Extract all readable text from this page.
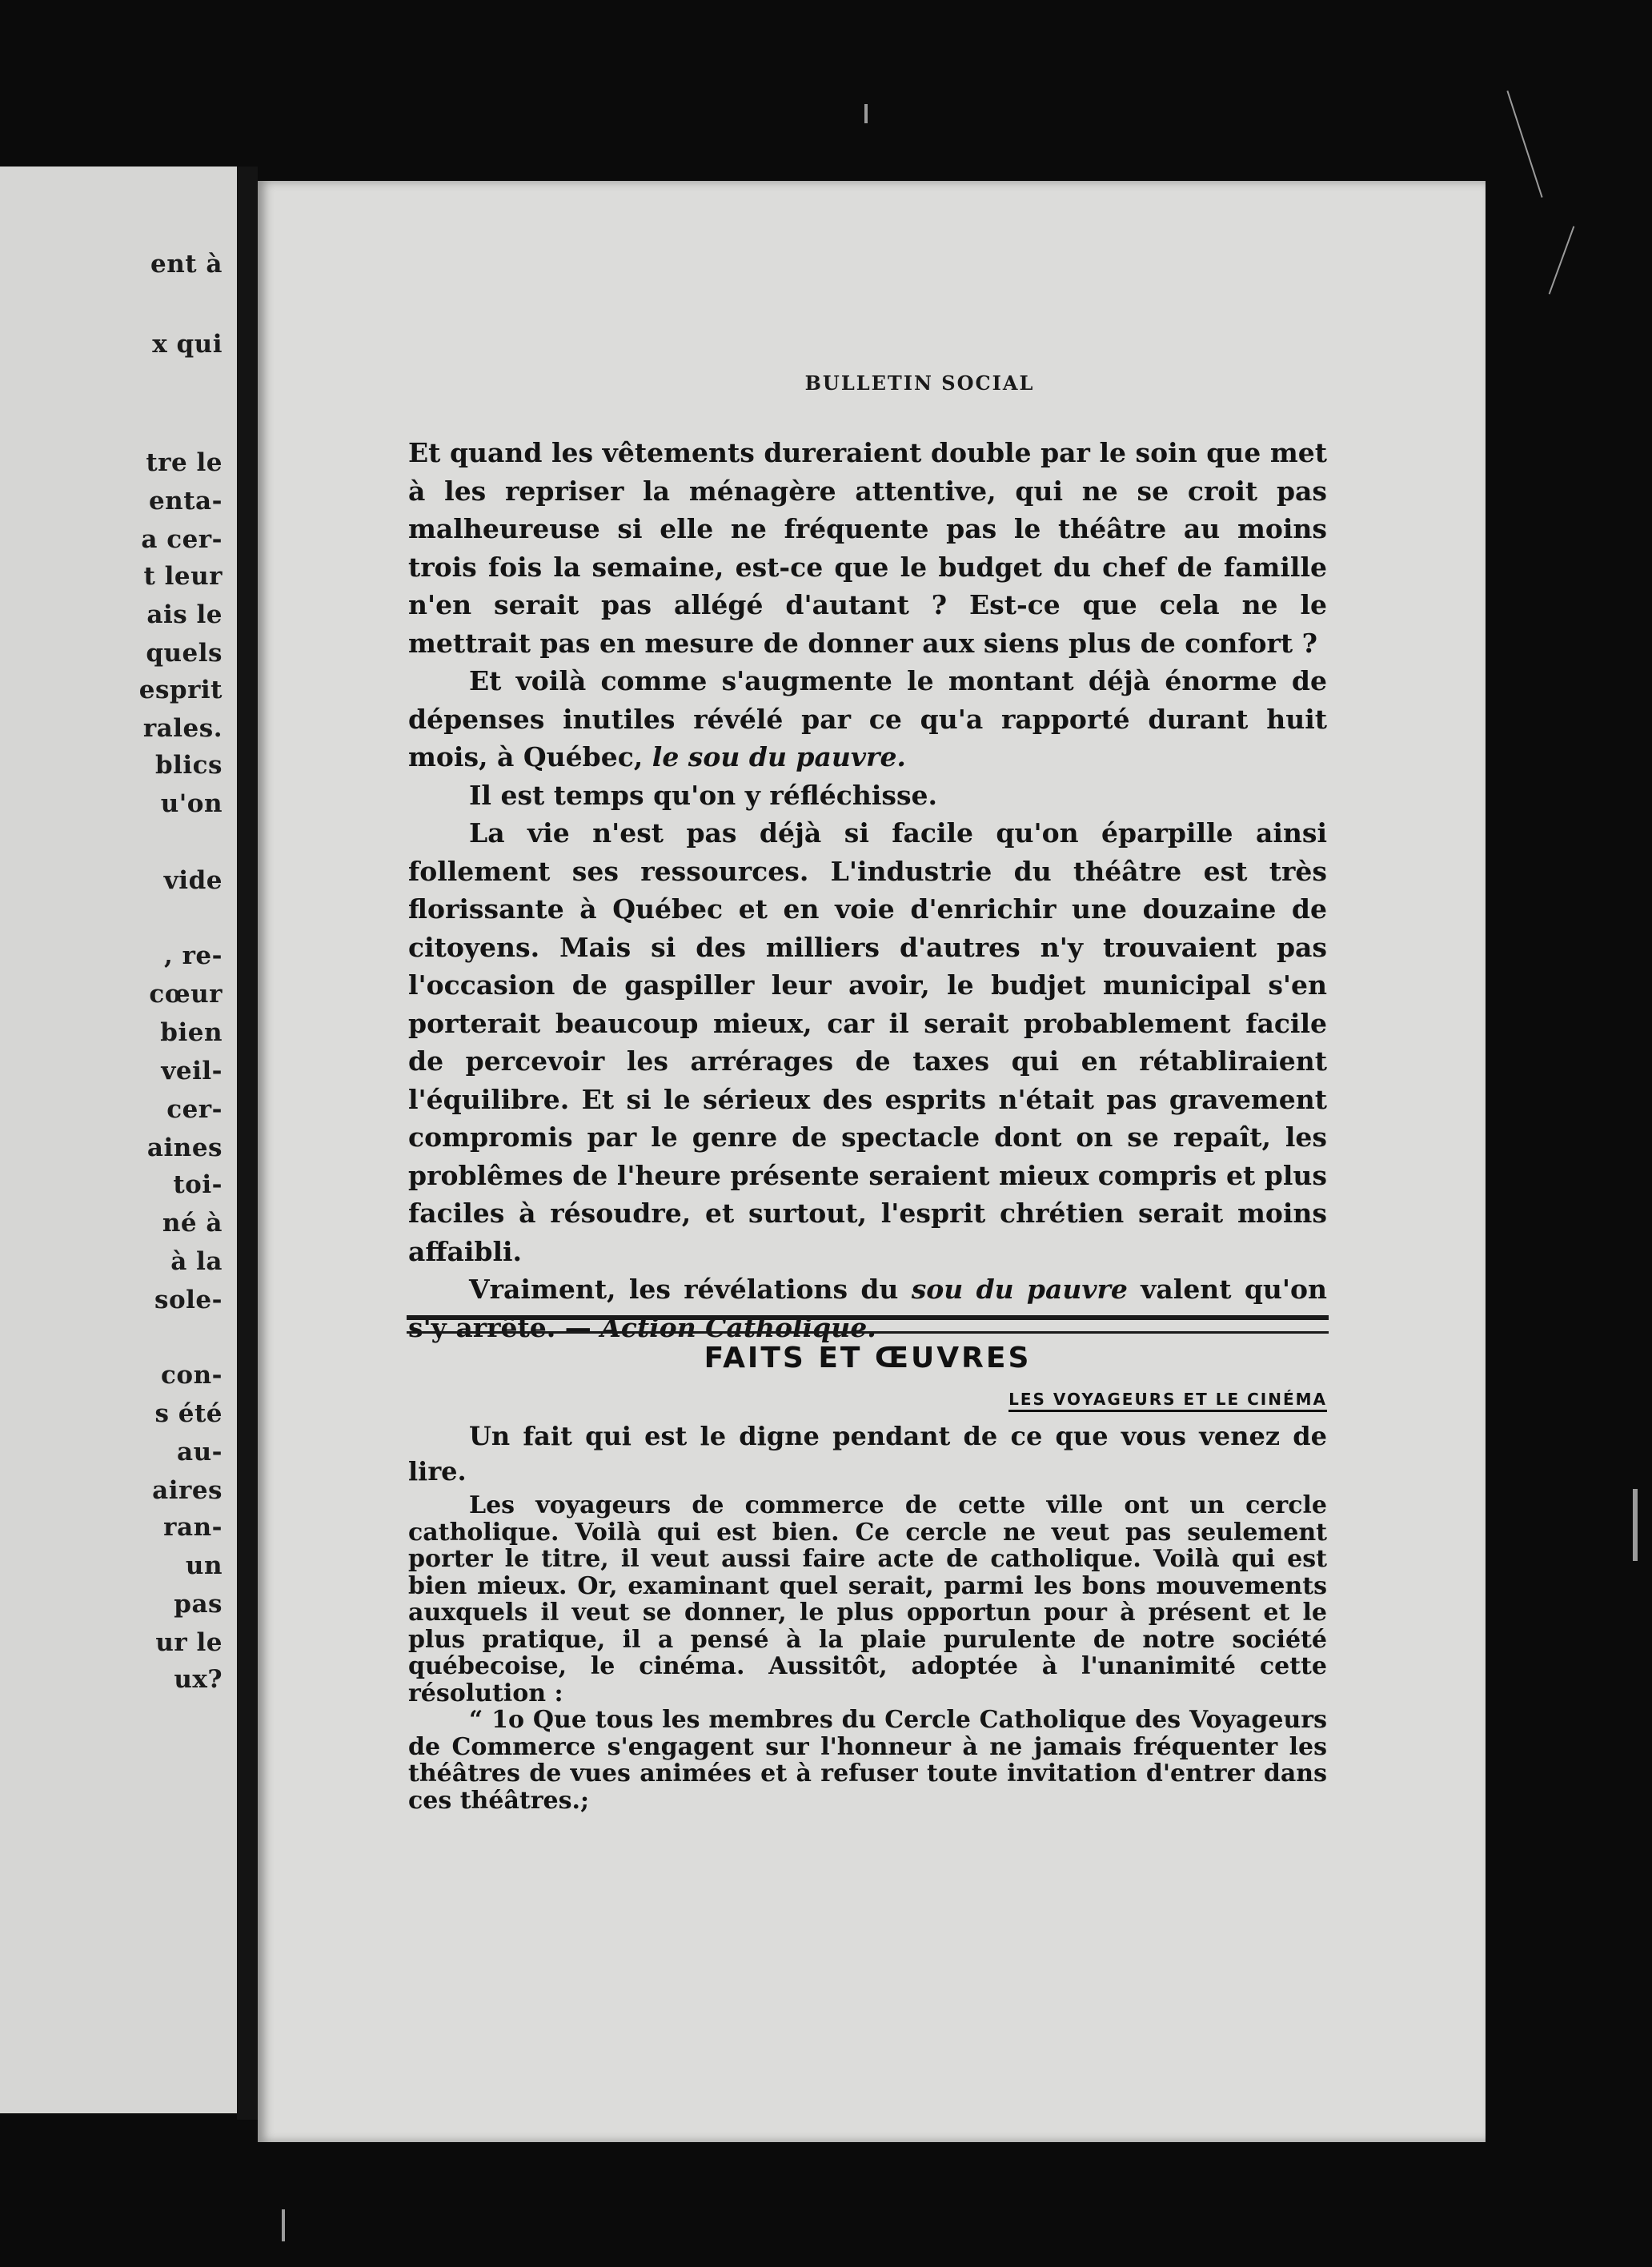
ent à
x qui
tre le
enta-
a cer-
t leur
ais le
quels
esprit
rales.
blics
u'on
vide
, re-
cœur
bien
veil-
cer-
aines
toi-
né à
à la
sole-
con-
s été
au-
aires
ran-
un
pas
ur le
ux?
BULLETIN SOCIAL

Et quand les vêtements dureraient double par le soin que met à les repriser la ménagère attentive, qui ne se croit pas malheureuse si elle ne fréquente pas le théâtre au moins trois fois la semaine, est-ce que le budget du chef de famille n'en serait pas allégé d'autant ? Est-ce que cela ne le mettrait pas en mesure de donner aux siens plus de confort ?

Et voilà comme s'augmente le montant déjà énorme de dépenses inutiles révélé par ce qu'a rapporté durant huit mois, à Québec, le sou du pauvre.

Il est temps qu'on y réfléchisse.

La vie n'est pas déjà si facile qu'on éparpille ainsi follement ses ressources. L'industrie du théâtre est très florissante à Québec et en voie d'enrichir une douzaine de citoyens. Mais si des milliers d'autres n'y trouvaient pas l'occasion de gaspiller leur avoir, le budjet municipal s'en porterait beaucoup mieux, car il serait probablement facile de percevoir les arrérages de taxes qui en rétabliraient l'équilibre. Et si le sérieux des esprits n'était pas gravement compromis par le genre de spectacle dont on se repaît, les problêmes de l'heure présente seraient mieux compris et plus faciles à résoudre, et surtout, l'esprit chrétien serait moins affaibli.

Vraiment, les révélations du sou du pauvre valent qu'on s'y arrête. — Action Catholique.

FAITS ET ŒUVRES
LES VOYAGEURS ET LE CINÉMA

Un fait qui est le digne pendant de ce que vous venez de lire.

Les voyageurs de commerce de cette ville ont un cercle catholique. Voilà qui est bien. Ce cercle ne veut pas seulement porter le titre, il veut aussi faire acte de catholique. Voilà qui est bien mieux. Or, examinant quel serait, parmi les bons mouvements auxquels il veut se donner, le plus opportun pour à présent et le plus pratique, il a pensé à la plaie purulente de notre société québecoise, le cinéma. Aussitôt, adoptée à l'unanimité cette résolution :

“ 1o Que tous les membres du Cercle Catholique des Voyageurs de Commerce s'engagent sur l'honneur à ne jamais fréquenter les théâtres de vues animées et à refuser toute invitation d'entrer dans ces théâtres.;
